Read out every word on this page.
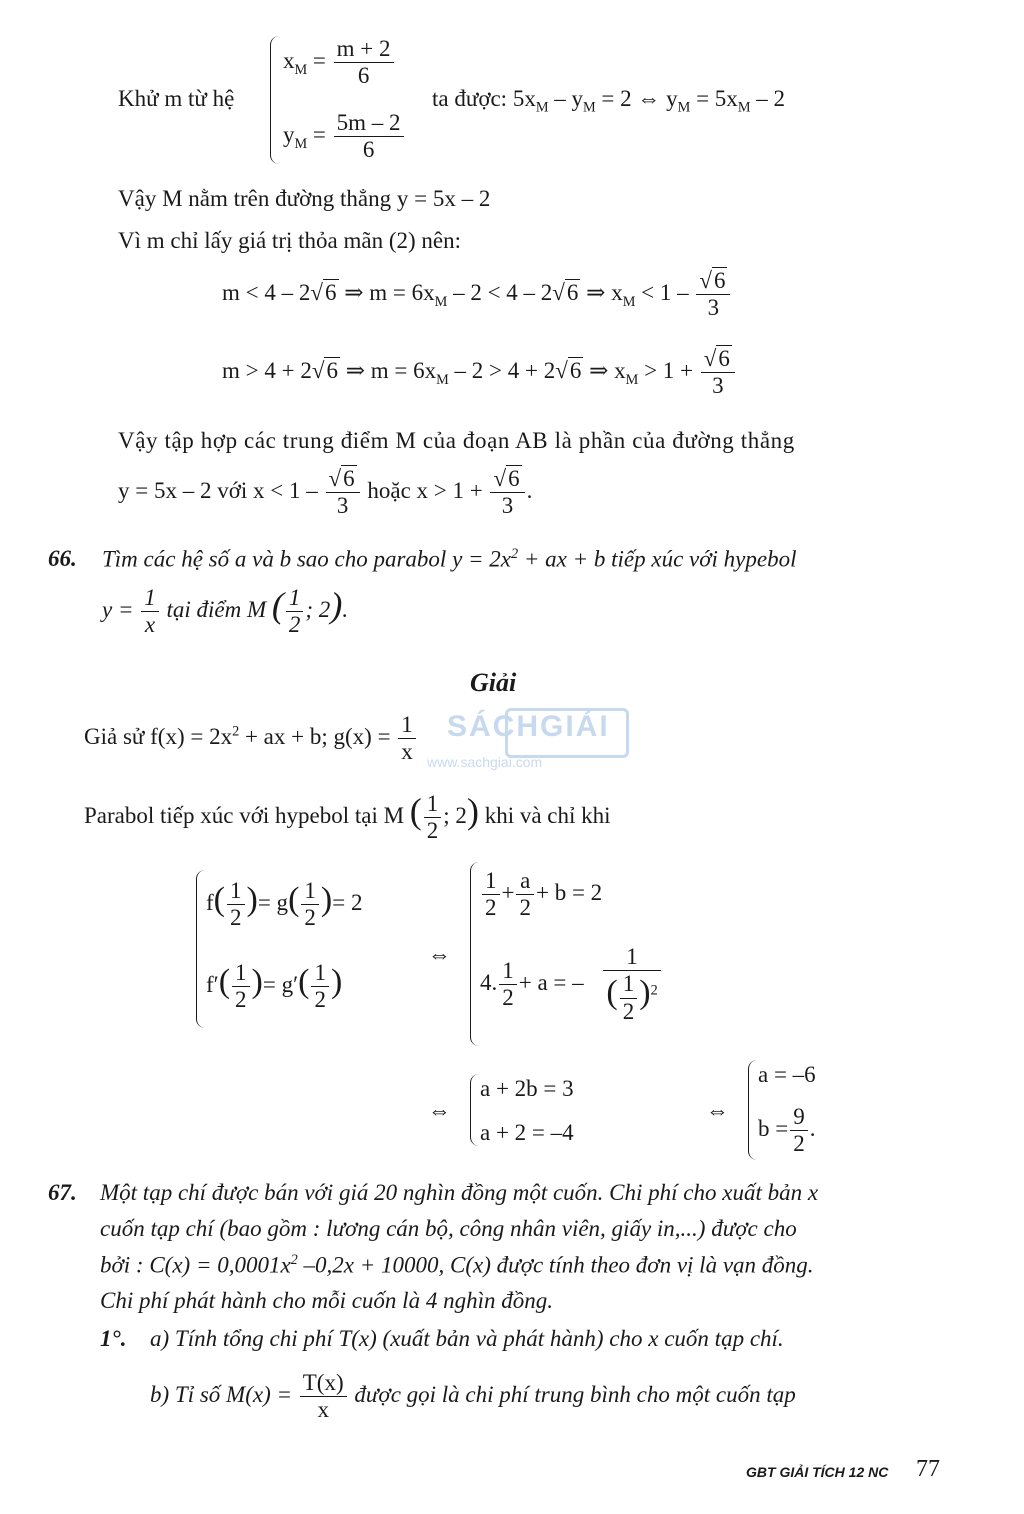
Khử m từ hệ
$x_M = \frac{m + 2}{6}$
$y_M = \frac{5m - 2}{6}$
ta được: $5x_M - y_M = 2$ ⇔ $y_M = 5x_M - 2$
Vậy M nằm trên đường thẳng y = 5x – 2
Vì m chỉ lấy giá trị thỏa mãn (2) nên:
m < 4 – 2√6 ⇒ $m = 6x_M - 2 < 4 - 2√6$ ⇒ $x_M < 1 - \frac{√6}{3}$
m > 4 + 2√6 ⇒ $m = 6x_M - 2 > 4 + 2√6$ ⇒ $x_M > 1 + \frac{√6}{3}$
Vậy tập hợp các trung điểm M của đoạn AB là phần của đường thẳng
y = 5x – 2 với $x < 1 - \frac{√6}{3}$ hoặc $x > 1 + \frac{√6}{3}$ .
66. Tìm các hệ số a và b sao cho parabol $y = 2x^2$ + ax + b tiếp xúc với hypebol
$y = \frac{1}{x}$ tại điểm M ( $\frac{1}{2}$ ; 2).
Giải
Giả sử $f(x) = 2x^2$ + ax + b; $g(x) = \frac{1}{x}$ SÁCHGIẢI
www.sachgiai.com
Parabol tiếp xúc với hypebol tại M ( $\frac{1}{2}$ ; 2) khi và chỉ khi
$f( \frac{1}{2}$ )= $g( \frac{1}{2}$ )= 2
$f'( \frac{1}{2}$ )= $g'( \frac{1}{2}$ )
⇔
$\frac{1}{2} + \frac{a}{2} + b = 2$
4. $\frac{1}{2} + a$ = – $\frac{1}{( \frac{1}{2} )^2}$
⇔
a + 2b = 3
a + 2 = –4
⇔
a = –6
$b = \frac{9}{2}$ .
67. Một tạp chí được bán với giá 20 nghìn đồng một cuốn. Chi phí cho xuất bản x
cuốn tạp chí (bao gồm : lương cán bộ, công nhân viên, giấy in,...) được cho
bởi : $C(x) = 0,0001x^2$ –0,2x + 10000, C(x) được tính theo đơn vị là vạn đồng.
Chi phí phát hành cho mỗi cuốn là 4 nghìn đồng.
1°. a) Tính tổng chi phí T(x) (xuất bản và phát hành) cho x cuốn tạp chí.
b) Tỉ số $M(x) = \frac{T(x)}{x}$ được gọi là chi phí trung bình cho một cuốn tạp
GBT GIẢI TÍCH 12 NC 77
